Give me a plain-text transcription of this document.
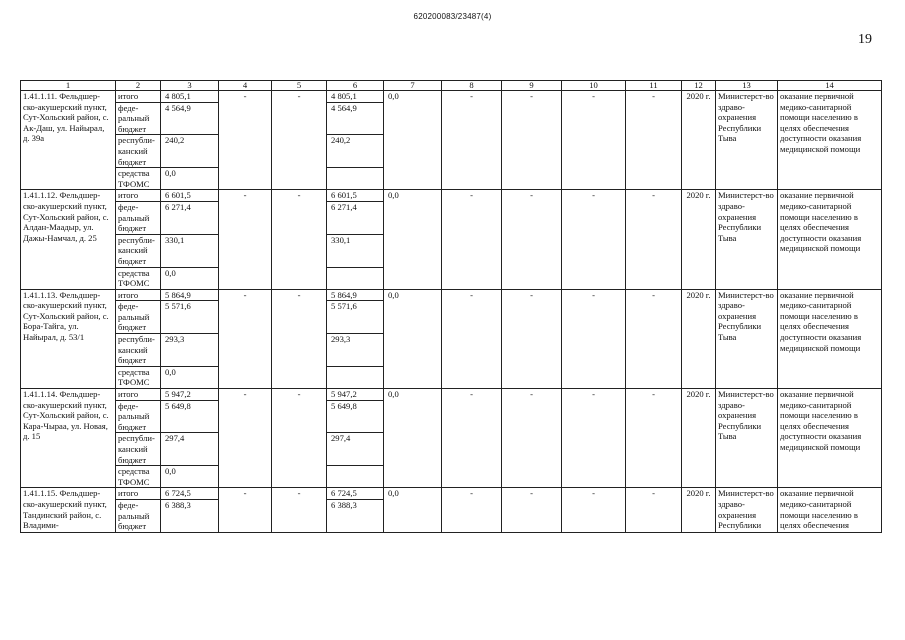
620200083/23487(4)
19
1	2	3	4	5	6	7	8	9	10	11	12	13	14
1.41.1.11. Фельдшер-ско-акушерский пункт, Сут-Хольский район, с. Ак-Даш, ул. Найырал, д. 39а	итого	4 805,1	-	-	4 805,1	0,0	-	-	-	-	2020 г.	Министерст-во здраво-охранения Республики Тыва	оказание первичной медико-санитарной помощи населению в целях обеспечения доступности оказания медицинской помощи
	феде-ральный бюджет	4 564,9			4 564,9								
	республи-канский бюджет	240,2			240,2								
	средства ТФОМС	0,0											
1.41.1.12. Фельдшер-ско-акушерский пункт, Сут-Хольский район, с. Алдан-Маадыр, ул. Дажы-Намчал, д. 25	итого	6 601,5	-	-	6 601,5	0,0	-	-	-	-	2020 г.	Министерст-во здраво-охранения Республики Тыва	оказание первичной медико-санитарной помощи населению в целях обеспечения доступности оказания медицинской помощи
	феде-ральный бюджет	6 271,4			6 271,4								
	республи-канский бюджет	330,1			330,1								
	средства ТФОМС	0,0											
1.41.1.13. Фельдшер-ско-акушерский пункт, Сут-Хольский район, с. Бора-Тайга, ул. Найырал, д. 53/1	итого	5 864,9	-	-	5 864,9	0,0	-	-	-	-	2020 г.	Министерст-во здраво-охранения Республики Тыва	оказание первичной медико-санитарной помощи населению в целях обеспечения доступности оказания медицинской помощи
	феде-ральный бюджет	5 571,6			5 571,6								
	республи-канский бюджет	293,3			293,3								
	средства ТФОМС	0,0											
1.41.1.14. Фельдшер-ско-акушерский пункт, Сут-Хольский район, с. Кара-Чыраа, ул. Новая, д. 15	итого	5 947,2	-	-	5 947,2	0,0	-	-	-	-	2020 г.	Министерст-во здраво-охранения Республики Тыва	оказание первичной медико-санитарной помощи населению в целях обеспечения доступности оказания медицинской помощи
	феде-ральный бюджет	5 649,8			5 649,8								
	республи-канский бюджет	297,4			297,4								
	средства ТФОМС	0,0											
1.41.1.15. Фельдшер-ско-акушерский пункт, Тандинский район, с. Владими-	итого	6 724,5	-	-	6 724,5	0,0	-	-	-	-	2020 г.	Министерст-во здраво-охранения Республики	оказание первичной медико-санитарной помощи населению в целях обеспечения
	феде-ральный бюджет	6 388,3			6 388,3								
